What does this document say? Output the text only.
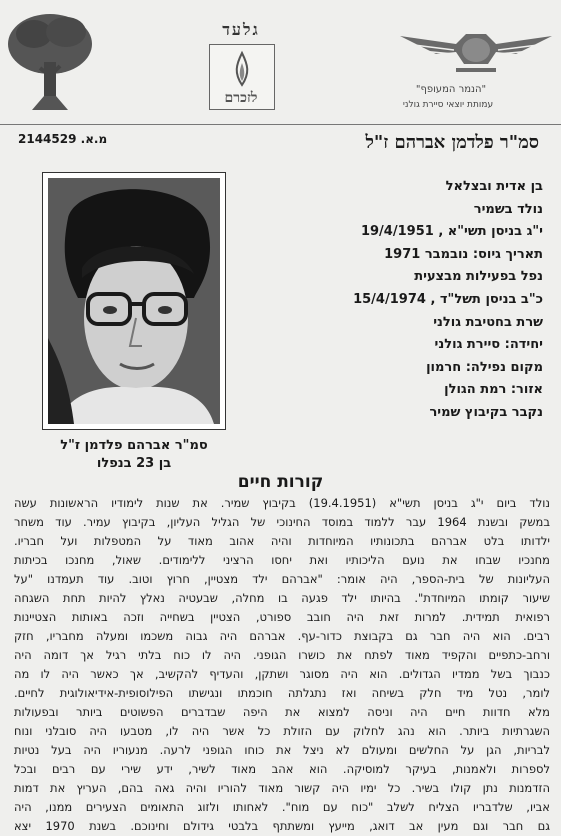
גלעד
לזכרם
"הנמר המעופף"
עמותת יוצאי סיירת גולני
מ.א. 2144529	סמ"ר פלדמן אברהם ז"ל
סמ"ר אברהם פלדמן ז"ל
בן 23 בנפלו
בן אדית ובצלאל
נולד בשמיר
י"ג בניסן תשי"א , 19/4/1951
תאריך גיוס: נובמבר 1971
נפל בפעילות מבצעית
כ"ב בניסן תשל"ד , 15/4/1974
שרת בחטיבת גולני
יחידה: סיירת גולני
מקום נפילה: חרמון
אזור: רמת הגולן
נקבר בקיבוץ שמיר
קורות חיים
נולד ביום י"ג בניסן תשי"א (19.4.1951) בקיבוץ שמיר. את שנות לימודיו הראשונות עשה
במשק ובשנת 1964 עבר ללמוד במוסד החינוכי של הגליל העליון, בקיבוץ עמיר. עוד משחר
ילדותו בלט אברהם בתכונותיו המיוחדות והיה אהוב מאוד על המטפלות ועל חבריו.
מחנכיו שבחו את נועם הליכותיו ואת יחסו הרציני ללימודים. שאול, מחנכו בכיתות
העליונות של בית-הספר, היה אומר: "אברהם ילד מצטיין, חרוץ וטוב. עוד תעמדנו "על
שיעור קומתו המיוחדת". בהיותו ילד פגעה בו מחלה, שבעטיה נאלץ להיות תחת השגחה
רפואית תמידית. למרות זאת היה חובב ספורט, הצטיין בשחייה וזכה באותות הצטיינות
רבים. הוא היה חבר גם בקבוצת כדור-עף. אברהם היה גבוה משכמו ומעלה מחבריו, חזק
ורחב-כתפיים והקפיד מאוד לפתח את כושרו הגופני. היה לו כוח בלתי רגיל אך דומה היה
כנבוך בשל ממדיו הגדולים. הוא היה מסוגר ושתקן, והעדיף להקשיב, אך כאשר היה לו מה
לומר, נטל מיד חלק בשיחה ואז נתגלתה חוכמתו ונגישתו הפילוסופית-אידיאולוגית לחיים.
מלא חדוות חיים היה וניסה למצוא את היפה שבדברים הפשוטים ביותר ובפעולות
השגרתיות ביותר. הוא נהג לחלוק עם הזולת כל אשר היה לו, מטבעו היה סובלני ונוח
לבריות, הגן על החלשים ומעולם לא ניצל את כוחו הגופני לרעה. מנעוריו היה בעל נטיות
לספרות ולאמנות, בעיקר למוסיקה. הוא אהב מאוד לשיר, ידע שירי עם רבים ובכל
הזדמנות נתן קולו בשיר. כל ימיו היה קשור מאוד להוריו והיה גאה בהם, העריץ את דמות
אביו, שלדבריו הצליח לשלב "כוח עם מוח". לאחותו ולזוג התאומים הצעירים ממנו, היה
גם חבר וגם מעין אב דואג, מייעץ ומשתתף בלבטי גידולם וחינוכם. בשנת 1970 יצא
